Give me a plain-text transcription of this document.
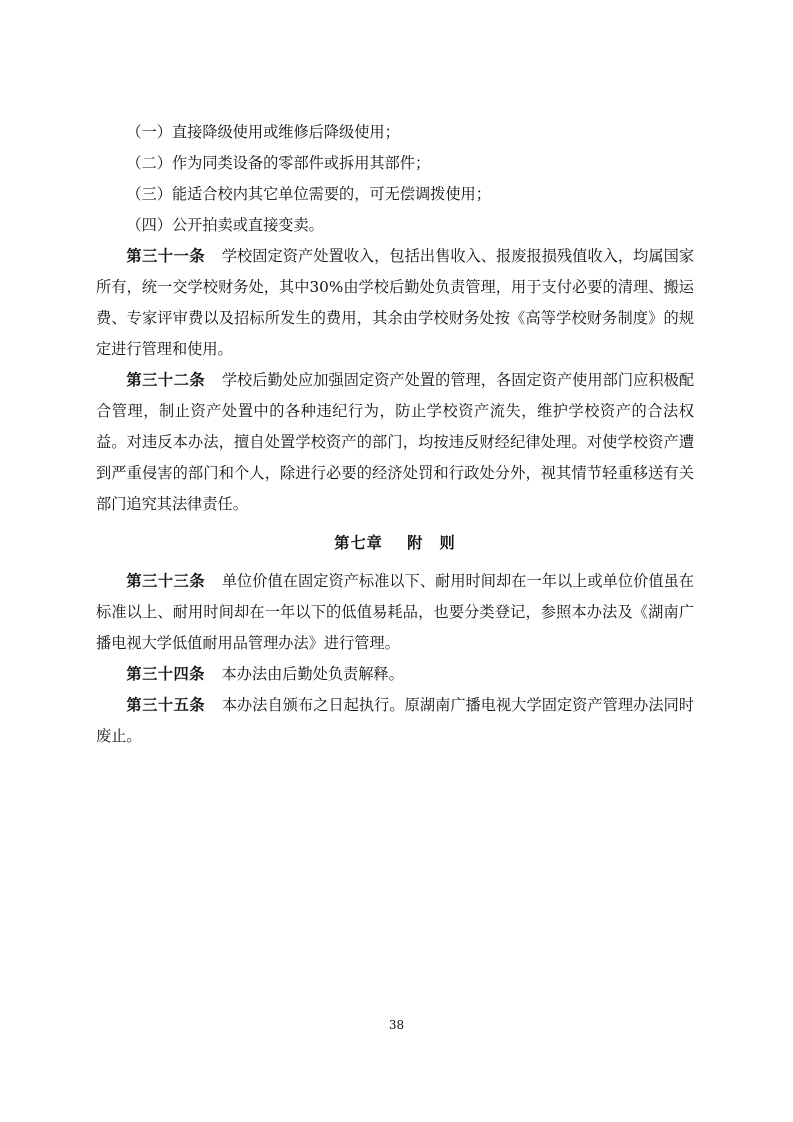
（一）直接降级使用或维修后降级使用；

（二）作为同类设备的零部件或拆用其部件；

（三）能适合校内其它单位需要的，可无偿调拨使用；

（四）公开拍卖或直接变卖。

第三十一条 学校固定资产处置收入，包括出售收入、报废报损残值收入，均属国家所有，统一交学校财务处，其中30%由学校后勤处负责管理，用于支付必要的清理、搬运费、专家评审费以及招标所发生的费用，其余由学校财务处按《高等学校财务制度》的规定进行管理和使用。

第三十二条 学校后勤处应加强固定资产处置的管理，各固定资产使用部门应积极配合管理，制止资产处置中的各种违纪行为，防止学校资产流失，维护学校资产的合法权益。对违反本办法，擅自处置学校资产的部门，均按违反财经纪律处理。对使学校资产遭到严重侵害的部门和个人，除进行必要的经济处罚和行政处分外，视其情节轻重移送有关部门追究其法律责任。

第七章 附　则

第三十三条 单位价值在固定资产标准以下、耐用时间却在一年以上或单位价值虽在标准以上、耐用时间却在一年以下的低值易耗品，也要分类登记，参照本办法及《湖南广播电视大学低值耐用品管理办法》进行管理。

第三十四条 本办法由后勤处负责解释。

第三十五条 本办法自颁布之日起执行。原湖南广播电视大学固定资产管理办法同时废止。

38
